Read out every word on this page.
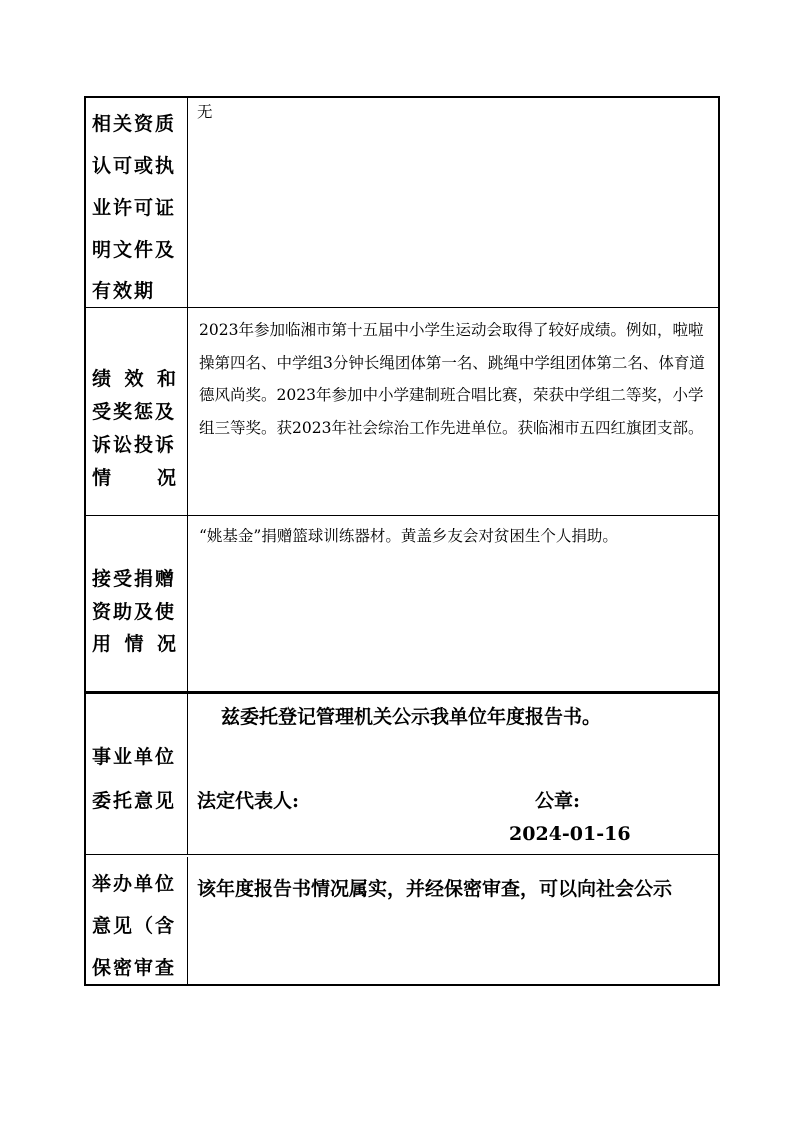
相关资质
认可或执
业许可证
明文件及
有效期
无
绩 效 和
受奖惩及
诉讼投诉
情 况
2023年参加临湘市第十五届中小学生运动会取得了较好成绩。例如，啦啦操第四名、中学组3分钟长绳团体第一名、跳绳中学组团体第二名、体育道德风尚奖。2023年参加中小学建制班合唱比赛，荣获中学组二等奖，小学组三等奖。获2023年社会综治工作先进单位。获临湘市五四红旗团支部。
接受捐赠
资助及使
用 情 况
“姚基金”捐赠篮球训练器材。黄盖乡友会对贫困生个人捐助。
事业单位
委托意见
兹委托登记管理机关公示我单位年度报告书。
法定代表人:	公章:
2024-01-16
举办单位
意见（含
保密审查
该年度报告书情况属实，并经保密审查，可以向社会公示
